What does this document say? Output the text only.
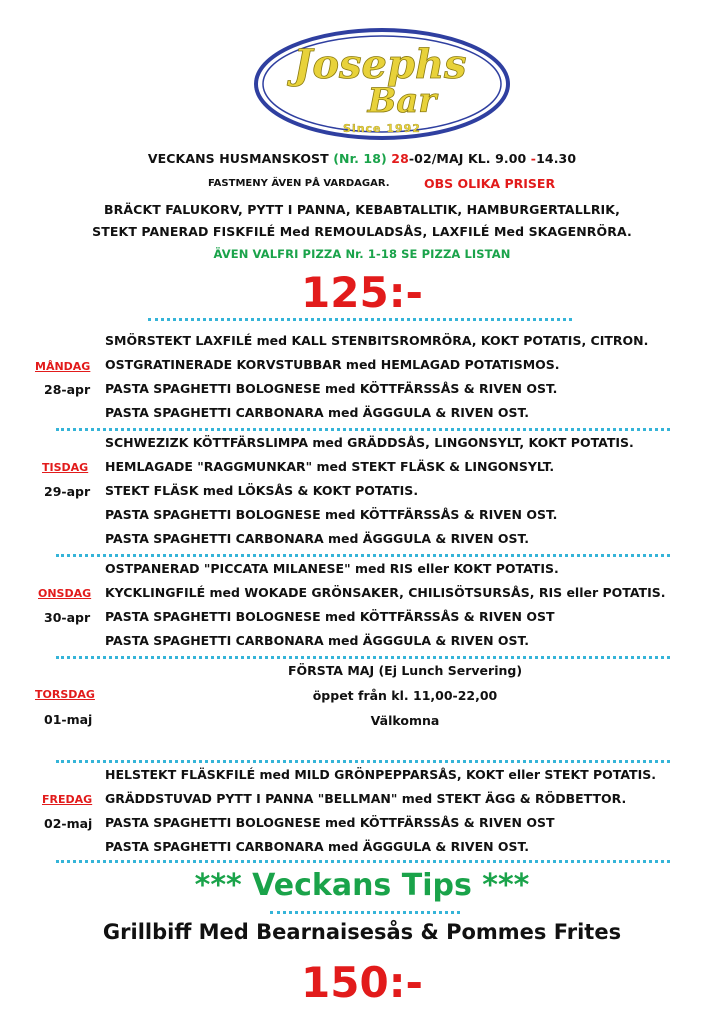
Josephs
Bar
Since 1992
VECKANS HUSMANSKOST (Nr. 18) 28-02/MAJ KL. 9.00 -14.30
FASTMENY ÄVEN PÅ VARDAGAR.	OBS OLIKA PRISER
BRÄCKT FALUKORV, PYTT I PANNA, KEBABTALLTIK, HAMBURGERTALLRIK,
STEKT PANERAD FISKFILÉ Med REMOULADSÅS, LAXFILÉ Med SKAGENRÖRA.
ÄVEN VALFRI PIZZA Nr. 1-18 SE PIZZA LISTAN
125:-
SMÖRSTEKT LAXFILÉ med KALL STENBITSROMRÖRA, KOKT POTATIS, CITRON.
OSTGRATINERADE KORVSTUBBAR med HEMLAGAD POTATISMOS.
PASTA SPAGHETTI BOLOGNESE med KÖTTFÄRSSÅS & RIVEN OST.
PASTA SPAGHETTI CARBONARA med ÄGGGULA & RIVEN OST.
MÅNDAG
28-apr
SCHWEZIZK KÖTTFÄRSLIMPA med GRÄDDSÅS, LINGONSYLT, KOKT POTATIS.
HEMLAGADE "RAGGMUNKAR" med STEKT FLÄSK & LINGONSYLT.
STEKT FLÄSK med LÖKSÅS & KOKT POTATIS.
PASTA SPAGHETTI BOLOGNESE med KÖTTFÄRSSÅS & RIVEN OST.
PASTA SPAGHETTI CARBONARA med ÄGGGULA & RIVEN OST.
TISDAG
29-apr
OSTPANERAD "PICCATA MILANESE" med RIS eller KOKT POTATIS.
KYCKLINGFILÉ med WOKADE GRÖNSAKER, CHILISÖTSURSÅS, RIS eller POTATIS.
PASTA SPAGHETTI BOLOGNESE med KÖTTFÄRSSÅS & RIVEN OST
PASTA SPAGHETTI CARBONARA med ÄGGGULA & RIVEN OST.
ONSDAG
30-apr
FÖRSTA MAJ (Ej Lunch Servering)
öppet från kl. 11,00-22,00
Välkomna
TORSDAG
01-maj
HELSTEKT FLÄSKFILÉ med MILD GRÖNPEPPARSÅS, KOKT eller STEKT POTATIS.
GRÄDDSTUVAD PYTT I PANNA "BELLMAN" med STEKT ÄGG & RÖDBETTOR.
PASTA SPAGHETTI BOLOGNESE med KÖTTFÄRSSÅS & RIVEN OST
PASTA SPAGHETTI CARBONARA med ÄGGGULA & RIVEN OST.
FREDAG
02-maj
*** Veckans Tips ***
Grillbiff Med Bearnaisesås & Pommes Frites
150:-
